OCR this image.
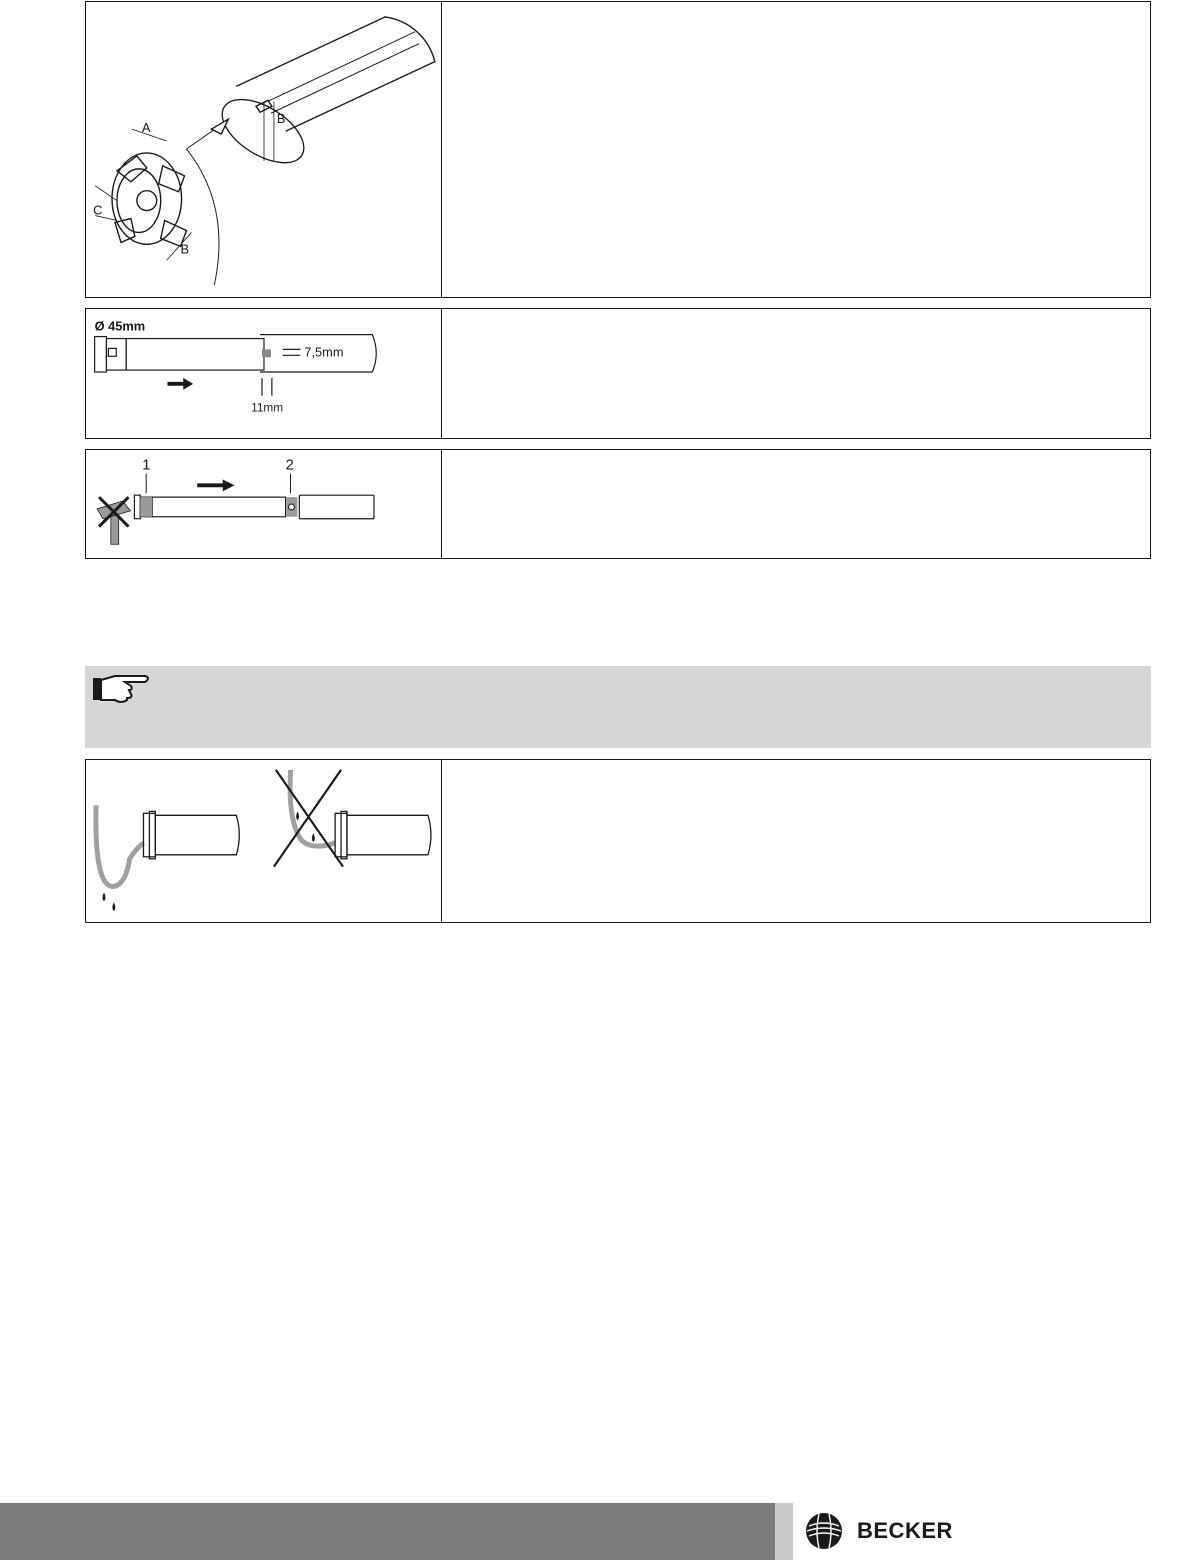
A
B
C
B
Ø 45mm
7,5mm
11mm
1	2
BECKER
